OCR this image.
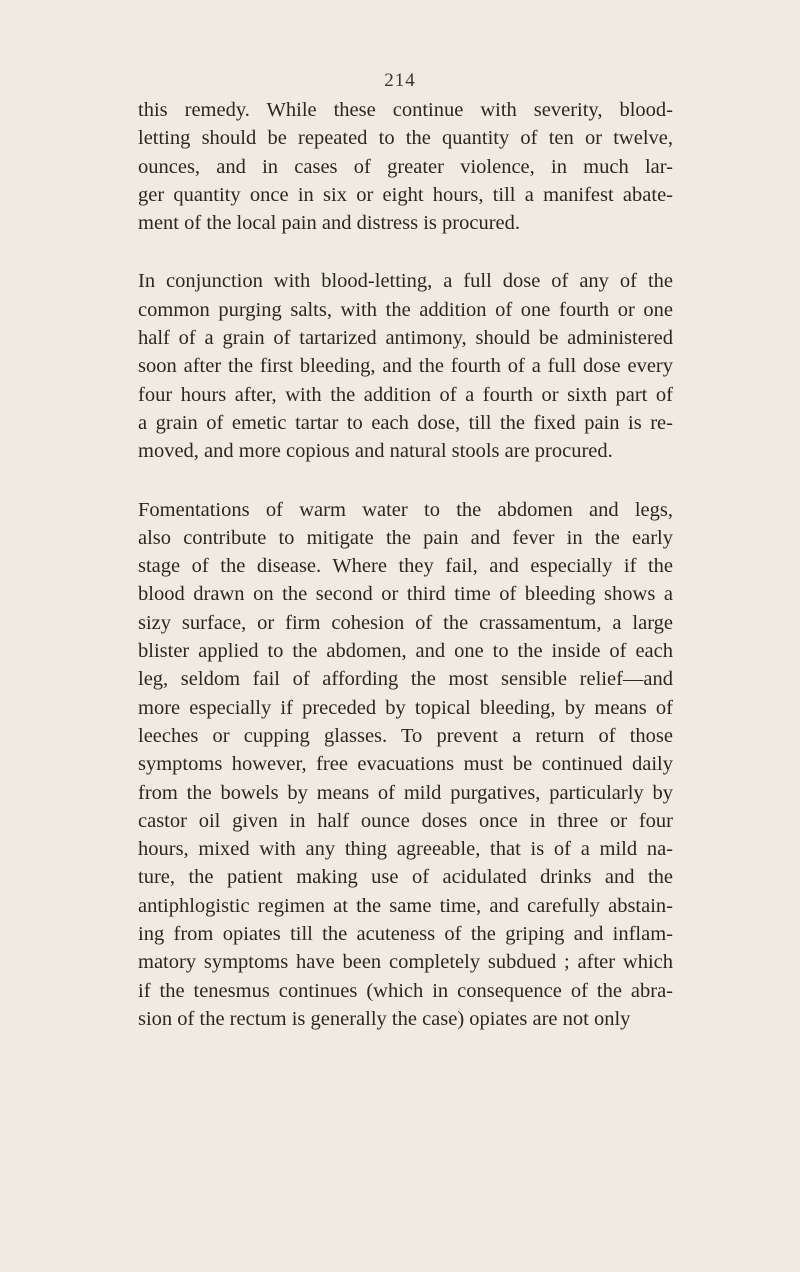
214

this remedy. While these continue with severity, blood-
letting should be repeated to the quantity of ten or twelve,
ounces, and in cases of greater violence, in much lar-
ger quantity once in six or eight hours, till a manifest abate-
ment of the local pain and distress is procured.

In conjunction with blood-letting, a full dose of any of the
common purging salts, with the addition of one fourth or one
half of a grain of tartarized antimony, should be administered
soon after the first bleeding, and the fourth of a full dose every
four hours after, with the addition of a fourth or sixth part of
a grain of emetic tartar to each dose, till the fixed pain is re-
moved, and more copious and natural stools are procured.

Fomentations of warm water to the abdomen and legs,
also contribute to mitigate the pain and fever in the early
stage of the disease. Where they fail, and especially if the
blood drawn on the second or third time of bleeding shows a
sizy surface, or firm cohesion of the crassamentum, a large
blister applied to the abdomen, and one to the inside of each
leg, seldom fail of affording the most sensible relief—and
more especially if preceded by topical bleeding, by means of
leeches or cupping glasses. To prevent a return of those
symptoms however, free evacuations must be continued daily
from the bowels by means of mild purgatives, particularly by
castor oil given in half ounce doses once in three or four
hours, mixed with any thing agreeable, that is of a mild na-
ture, the patient making use of acidulated drinks and the
antiphlogistic regimen at the same time, and carefully abstain-
ing from opiates till the acuteness of the griping and inflam-
matory symptoms have been completely subdued ; after which
if the tenesmus continues (which in consequence of the abra-
sion of the rectum is generally the case) opiates are not only
